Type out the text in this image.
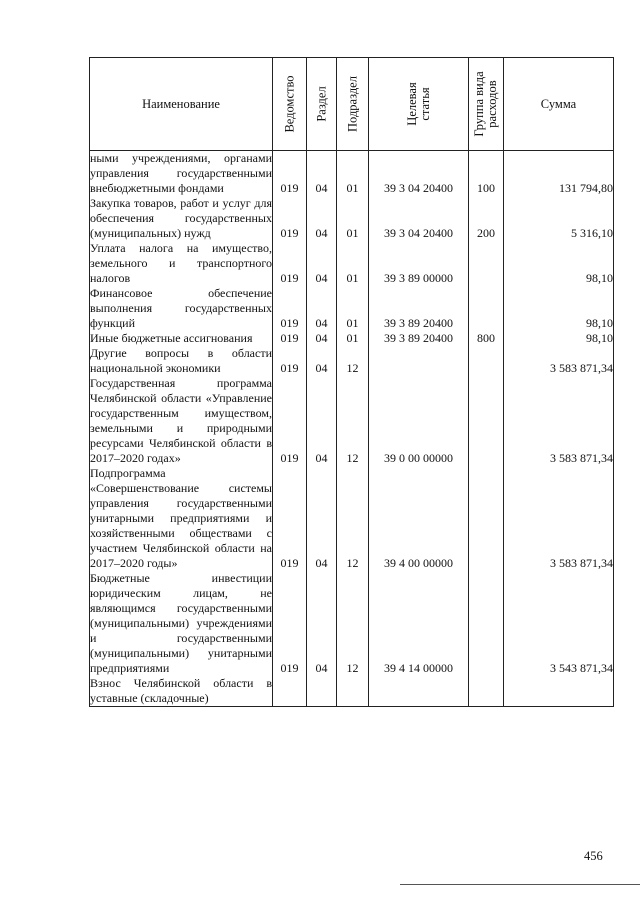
Наименование	Ведомство	Раздел	Подраздел	Целевая статья	Группа вида расходов	Сумма
ными учреждениями, органами управления государственными внебюджетными фондами	019	04	01	39 3 04 20400	100	131 794,80
Закупка товаров, работ и услуг для обеспечения государственных (муниципальных) нужд	019	04	01	39 3 04 20400	200	5 316,10
Уплата налога на имущество, земельного и транспортного налогов	019	04	01	39 3 89 00000		98,10
Финансовое обеспечение выполнения государственных функций	019	04	01	39 3 89 20400		98,10
Иные бюджетные ассигнования	019	04	01	39 3 89 20400	800	98,10
Другие вопросы в области национальной экономики	019	04	12			3 583 871,34
Государственная программа Челябинской области «Управление государственным имуществом, земельными и природными ресурсами Челябинской области в 2017–2020 годах»	019	04	12	39 0 00 00000		3 583 871,34
Подпрограмма «Совершенствование системы управления государственными унитарными предприятиями и хозяйственными обществами с участием Челябинской области на 2017–2020 годы»	019	04	12	39 4 00 00000		3 583 871,34
Бюджетные инвестиции юридическим лицам, не являющимся государственными (муниципальными) учреждениями и государственными (муниципальными) унитарными предприятиями	019	04	12	39 4 14 00000		3 543 871,34
Взнос Челябинской области в уставные (складочные)						
456
